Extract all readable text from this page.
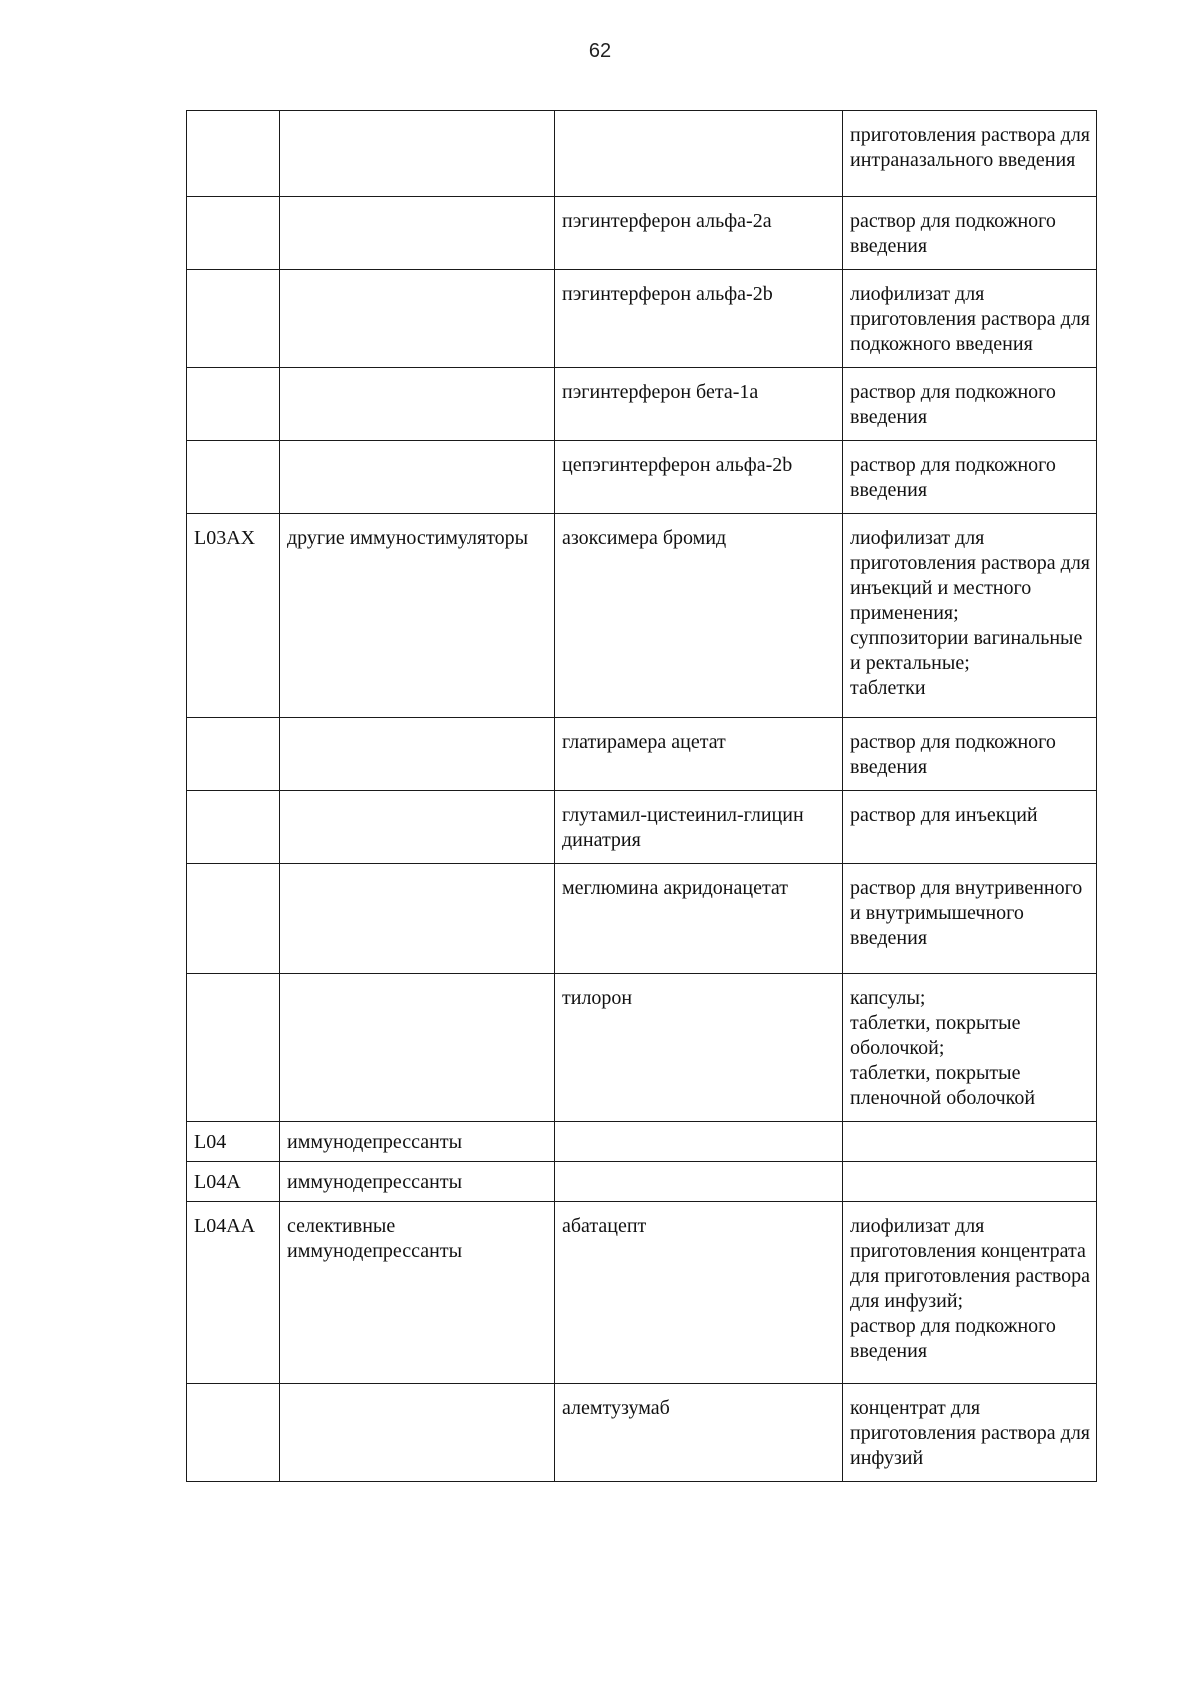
62

			приготовления раствора для интраназального введения

		пэгинтерферон альфа-2а	раствор для подкожного введения

		пэгинтерферон альфа-2b	лиофилизат для приготовления раствора для подкожного введения

		пэгинтерферон бета-1а	раствор для подкожного введения

		цепэгинтерферон альфа-2b	раствор для подкожного введения

L03AX	другие иммуностимуляторы	азоксимера бромид	лиофилизат для приготовления раствора для инъекций и местного применения;
суппозитории вагинальные и ректальные;
таблетки

		глатирамера ацетат	раствор для подкожного введения

		глутамил-цистеинил-глицин динатрия	раствор для инъекций

		меглюмина акридонацетат	раствор для внутривенного и внутримышечного введения

		тилорон	капсулы;
таблетки, покрытые оболочкой;
таблетки, покрытые пленочной оболочкой

L04	иммунодепрессанты		
L04A	иммунодепрессанты		
L04AA	селективные иммунодепрессанты	абатацепт	лиофилизат для приготовления концентрата для приготовления раствора для инфузий;
раствор для подкожного введения

		алемтузумаб	концентрат для приготовления раствора для инфузий
